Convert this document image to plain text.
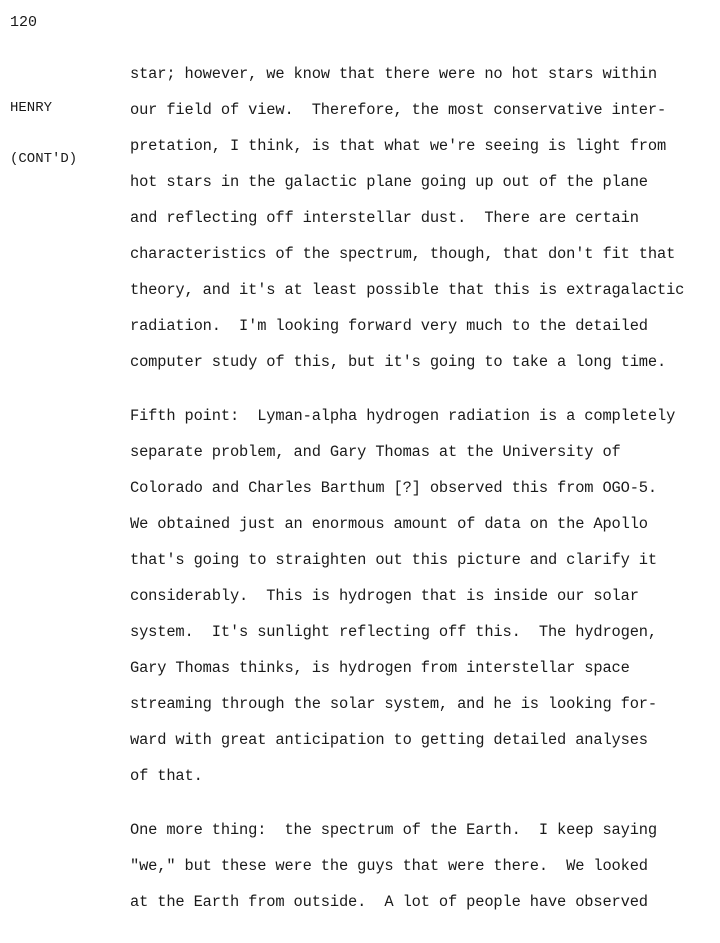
120

HENRY

(CONT'D)

star; however, we know that there were no hot stars within
our field of view.  Therefore, the most conservative inter-
pretation, I think, is that what we're seeing is light from
hot stars in the galactic plane going up out of the plane
and reflecting off interstellar dust.  There are certain
characteristics of the spectrum, though, that don't fit that
theory, and it's at least possible that this is extragalactic
radiation.  I'm looking forward very much to the detailed
computer study of this, but it's going to take a long time.
Fifth point:  Lyman-alpha hydrogen radiation is a completely
separate problem, and Gary Thomas at the University of
Colorado and Charles Barthum [?] observed this from OGO-5.
We obtained just an enormous amount of data on the Apollo
that's going to straighten out this picture and clarify it
considerably.  This is hydrogen that is inside our solar
system.  It's sunlight reflecting off this.  The hydrogen,
Gary Thomas thinks, is hydrogen from interstellar space
streaming through the solar system, and he is looking for-
ward with great anticipation to getting detailed analyses
of that.
One more thing:  the spectrum of the Earth.  I keep saying
"we," but these were the guys that were there.  We looked
at the Earth from outside.  A lot of people have observed
